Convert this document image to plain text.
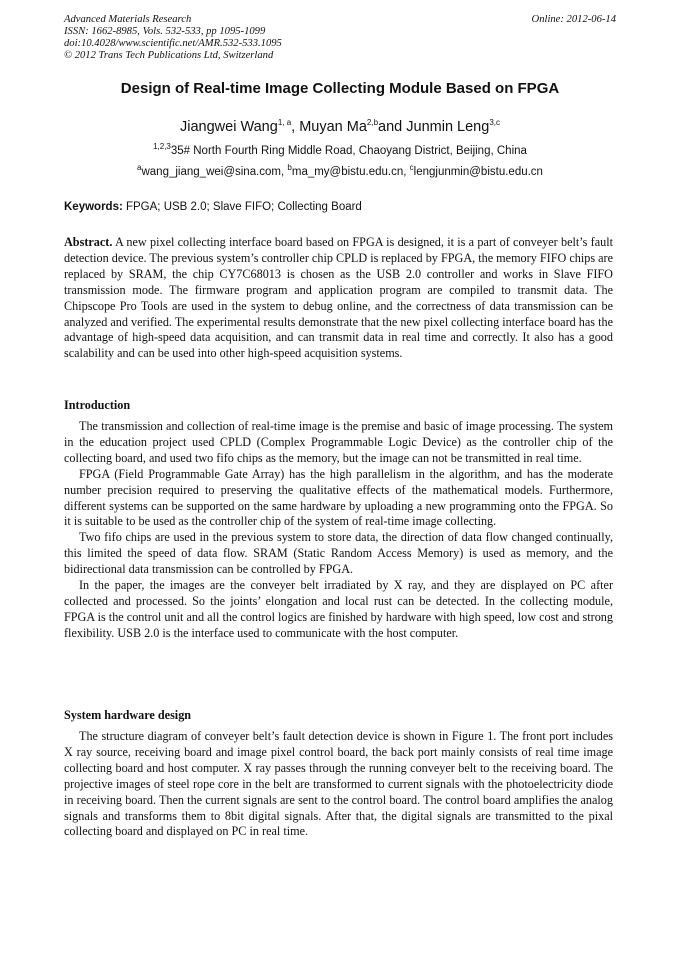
Advanced Materials Research
ISSN: 1662-8985, Vols. 532-533, pp 1095-1099
doi:10.4028/www.scientific.net/AMR.532-533.1095
© 2012 Trans Tech Publications Ltd, Switzerland
Online: 2012-06-14
Design of Real-time Image Collecting Module Based on FPGA
Jiangwei Wang$^{1, a}$, Muyan Ma$^{2,b}$and Junmin Leng$^{3,c}$
$^{1,2,3}$35# North Fourth Ring Middle Road, Chaoyang District, Beijing, China
$^a$wang_jiang_wei@sina.com, $^b$ma_my@bistu.edu.cn, $^c$lengjunmin@bistu.edu.cn
Keywords: FPGA; USB 2.0; Slave FIFO; Collecting Board

Abstract. A new pixel collecting interface board based on FPGA is designed, it is a part of conveyer belt’s fault detection device. The previous system’s controller chip CPLD is replaced by FPGA, the memory FIFO chips are replaced by SRAM, the chip CY7C68013 is chosen as the USB 2.0 controller and works in Slave FIFO transmission mode. The firmware program and application program are compiled to transmit data. The Chipscope Pro Tools are used in the system to debug online, and the correctness of data transmission can be analyzed and verified. The experimental results demonstrate that the new pixel collecting interface board has the advantage of high-speed data acquisition, and can transmit data in real time and correctly. It also has a good scalability and can be used into other high-speed acquisition systems.

Introduction

The transmission and collection of real-time image is the premise and basic of image processing. The system in the education project used CPLD (Complex Programmable Logic Device) as the controller chip of the collecting board, and used two fifo chips as the memory, but the image can not be transmitted in real time.

FPGA (Field Programmable Gate Array) has the high parallelism in the algorithm, and has the moderate number precision required to preserving the qualitative effects of the mathematical models. Furthermore, different systems can be supported on the same hardware by uploading a new programming onto the FPGA. So it is suitable to be used as the controller chip of the system of real-time image collecting.

Two fifo chips are used in the previous system to store data, the direction of data flow changed continually, this limited the speed of data flow. SRAM (Static Random Access Memory) is used as memory, and the bidirectional data transmission can be controlled by FPGA.

In the paper, the images are the conveyer belt irradiated by X ray, and they are displayed on PC after collected and processed. So the joints’ elongation and local rust can be detected. In the collecting module, FPGA is the control unit and all the control logics are finished by hardware with high speed, low cost and strong flexibility. USB 2.0 is the interface used to communicate with the host computer.

System hardware design

The structure diagram of conveyer belt’s fault detection device is shown in Figure 1. The front port includes X ray source, receiving board and image pixel control board, the back port mainly consists of real time image collecting board and host computer. X ray passes through the running conveyer belt to the receiving board. The projective images of steel rope core in the belt are transformed to current signals with the photoelectricity diode in receiving board. Then the current signals are sent to the control board. The control board amplifies the analog signals and transforms them to 8bit digital signals. After that, the digital signals are transmitted to the pixal collecting board and displayed on PC in real time.
